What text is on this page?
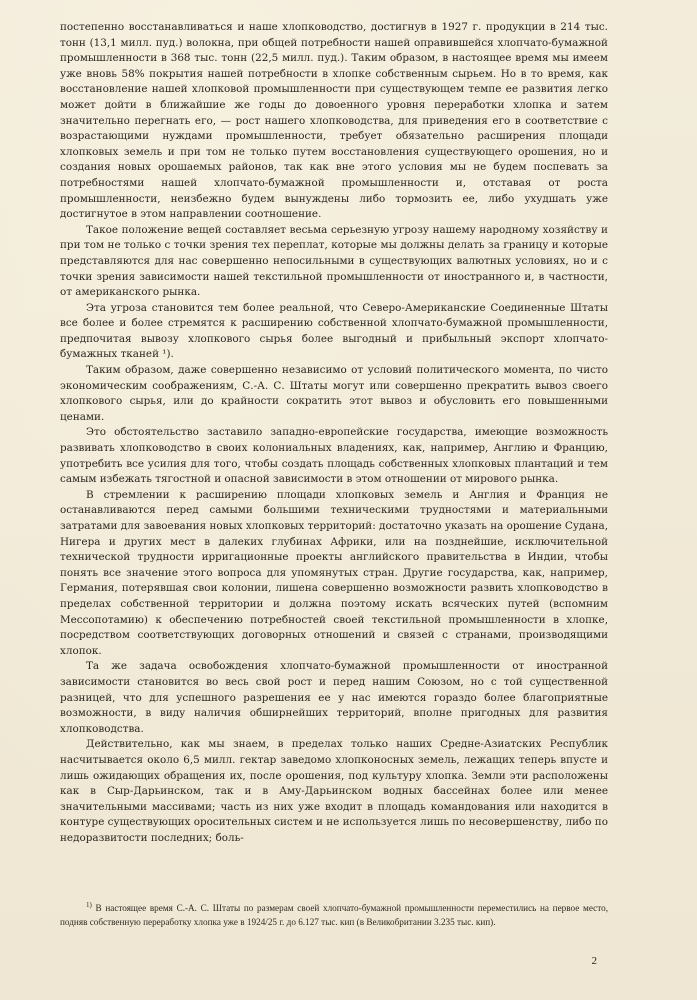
постепенно восстанавливаться и наше хлопководство, достигнув в 1927 г. продукции в 214 тыс. тонн (13,1 милл. пуд.) волокна, при общей потребности нашей оправившейся хлопчато-бумажной промышленности в 368 тыс. тонн (22,5 милл. пуд.). Таким образом, в настоящее время мы имеем уже вновь 58% покрытия нашей потребности в хлопке собственным сырьем. Но в то время, как восстановление нашей хлопковой промышленности при существующем темпе ее развития легко может дойти в ближайшие же годы до довоенного уровня переработки хлопка и затем значительно перегнать его, — рост нашего хлопководства, для приведения его в соответствие с возрастающими нуждами промышленности, требует обязательно расширения площади хлопковых земель и при том не только путем восстановления существующего орошения, но и создания новых орошаемых районов, так как вне этого условия мы не будем поспевать за потребностями нашей хлопчато-бумажной промышленности и, отставая от роста промышленности, неизбежно будем вынуждены либо тормозить ее, либо ухудшать уже достигнутое в этом направлении соотношение.

Такое положение вещей составляет весьма серьезную угрозу нашему народному хозяйству и при том не только с точки зрения тех переплат, которые мы должны делать за границу и которые представляются для нас совершенно непосильными в существующих валютных условиях, но и с точки зрения зависимости нашей текстильной промышленности от иностранного и, в частности, от американского рынка.

Эта угроза становится тем более реальной, что Северо-Американские Соединенные Штаты все более и более стремятся к расширению собственной хлопчато-бумажной промышленности, предпочитая вывозу хлопкового сырья более выгодный и прибыльный экспорт хлопчато-бумажных тканей ¹).

Таким образом, даже совершенно независимо от условий политического момента, по чисто экономическим соображениям, С.-А. С. Штаты могут или совершенно прекратить вывоз своего хлопкового сырья, или до крайности сократить этот вывоз и обусловить его повышенными ценами.

Это обстоятельство заставило западно-европейские государства, имеющие возможность развивать хлопководство в своих колониальных владениях, как, например, Англию и Францию, употребить все усилия для того, чтобы создать площадь собственных хлопковых плантаций и тем самым избежать тягостной и опасной зависимости в этом отношении от мирового рынка.

В стремлении к расширению площади хлопковых земель и Англия и Франция не останавливаются перед самыми большими техническими трудностями и материальными затратами для завоевания новых хлопковых территорий: достаточно указать на орошение Судана, Нигера и других мест в далеких глубинах Африки, или на позднейшие, исключительной технической трудности ирригационные проекты английского правительства в Индии, чтобы понять все значение этого вопроса для упомянутых стран. Другие государства, как, например, Германия, потерявшая свои колонии, лишена совершенно возможности развить хлопководство в пределах собственной территории и должна поэтому искать всяческих путей (вспомним Мессопотамию) к обеспечению потребностей своей текстильной промышленности в хлопке, посредством соответствующих договорных отношений и связей с странами, производящими хлопок.

Та же задача освобождения хлопчато-бумажной промышленности от иностранной зависимости становится во весь свой рост и перед нашим Союзом, но с той существенной разницей, что для успешного разрешения ее у нас имеются гораздо более благоприятные возможности, в виду наличия обширнейших территорий, вполне пригодных для развития хлопководства.

Действительно, как мы знаем, в пределах только наших Средне-Азиатских Республик насчитывается около 6,5 милл. гектар заведомо хлопконосных земель, лежащих теперь впусте и лишь ожидающих обращения их, после орошения, под культуру хлопка. Земли эти расположены как в Сыр-Дарьинском, так и в Аму-Дарьинском водных бассейнах более или менее значительными массивами; часть из них уже входит в площадь командования или находится в контуре существующих оросительных систем и не используется лишь по несовершенству, либо по недоразвитости последних; боль-

$^{1)}$ В настоящее время С.-А. С. Штаты по размерам своей хлопчато-бумажной промышленности переместились на первое место, подняв собственную переработку хлопка уже в 1924/25 г. до 6.127 тыс. кип (в Великобритании 3.235 тыс. кип).

2
